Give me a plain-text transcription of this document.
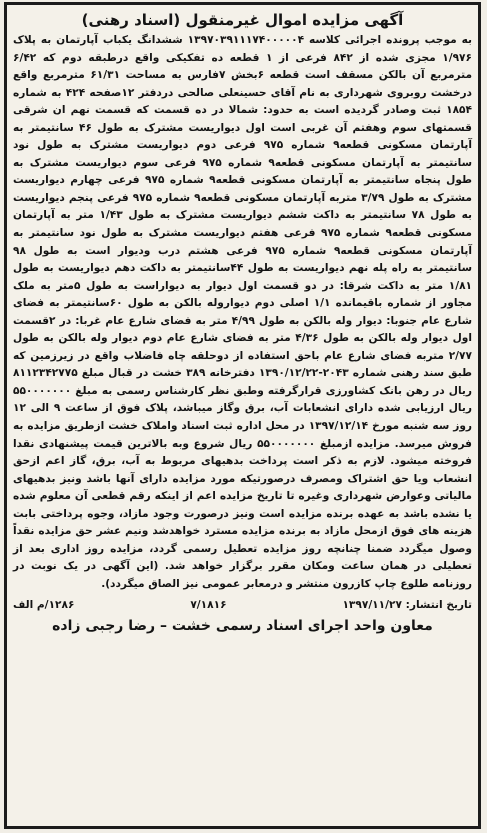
آگهی مزایده اموال غیرمنقول (اسناد رهنی)

به موجب پرونده اجرائی کلاسه ۱۳۹۷۰۳۹۱۱۱۷۴۰۰۰۰۰۴ ششدانگ یکباب آپارتمان به پلاک ۱/۹۷۶ مجزی شده از ۸۴۲ فرعی از ۱ قطعه ده تفکیکی واقع درطبقه دوم که ۶/۴۲ مترمربع آن بالکن مسقف است قطعه ۶بخش ۷فارس به مساحت ۶۱/۳۱ مترمربع واقع درخشت روبروی شهرداری به نام آقای حسینعلی صالحی دردفتر ۱۲صفحه ۴۲۴ به شماره ۱۸۵۴ ثبت وصادر گردیده است به حدود: شمالا در ده قسمت که قسمت نهم ان شرقی قسمتهای سوم وهفتم آن غربی است اول دیواریست مشترک به طول ۴۶ سانتیمتر به آپارتمان مسکونی قطعه۹ شماره ۹۷۵ فرعی دوم دیواریست مشترک به طول نود سانتیمتر به آپارتمان مسکونی قطعه۹ شماره ۹۷۵ فرعی سوم دیواریست مشترک به طول پنجاه سانتیمتر به آپارتمان مسکونی قطعه۹ شماره ۹۷۵ فرعی چهارم دیواریست مشترک به طول ۳/۷۹ متربه آپارتمان مسکونی قطعه۹ شماره ۹۷۵ فرعی پنجم دیواریست به طول ۷۸ سانتیمتر به داکت ششم دیواریست مشترک به طول ۱/۴۳ متر به آپارتمان مسکونی قطعه۹ شماره ۹۷۵ فرعی هفتم دیواریست مشترک به طول نود سانتیمتر به آپارتمان مسکونی قطعه۹ شماره ۹۷۵ فرعی هشتم درب ودیوار است به طول ۹۸ سانتیمتر به راه پله نهم دیواریست به طول ۴۴سانتیمتر به داکت دهم دیواریست به طول ۱/۸۱ متر به داکت شرقا: در دو قسمت اول دیوار به دیواراست به طول ۵متر به ملک مجاور از شماره باقیمانده ۱/۱ اصلی دوم دیواروله بالکن به طول ۶۰سانتیمتر به فضای شارع عام جنوبا: دیوار وله بالکن به طول ۴/۹۹ متر به فضای شارع عام غربا: در ۲قسمت اول دیوار وله بالکن به طول ۴/۳۶ متر به فضای شارع عام دوم دیوار وله بالکن به طول ۲/۷۷ متربه فضای شارع عام باحق استفاده از دوحلقه چاه فاضلاب واقع در زیرزمین که طبق سند رهنی شماره ۲۰۴۳-۱۳۹۰/۱۲/۲۲ دفترخانه ۳۸۹ خشت در قبال مبلغ ۸۱۱۲۳۴۲۷۷۵ ریال در رهن بانک کشاورزی قرارگرفته وطبق نظر کارشناس رسمی به مبلغ ۵۵۰۰۰۰۰۰۰ ریال ارزیابی شده دارای انشعابات آب، برق وگاز میباشد، پلاک فوق از ساعت ۹ الی ۱۲ روز سه شنبه مورخ ۱۳۹۷/۱۲/۱۴ در محل اداره ثبت اسناد واملاک خشت ازطریق مزایده به فروش میرسد. مزایده ازمبلغ ۵۵۰۰۰۰۰۰۰ ریال شروع وبه بالاترین قیمت پیشنهادی نقدا فروخته میشود. لازم به ذکر است پرداخت بدهیهای مربوط به آب، برق، گاز اعم ازحق انشعاب ویا حق اشتراک ومصرف درصورتیکه مورد مزایده دارای آنها باشد ونیز بدهیهای مالیاتی وعوارض شهرداری وغیره تا تاریخ مزایده اعم از اینکه رقم قطعی آن معلوم شده یا نشده باشد به عهده برنده مزایده است ونیز درصورت وجود مازاد، وجوه پرداختی بابت هزینه های فوق ازمحل مازاد به برنده مزایده مسترد خواهدشد ونیم عشر حق مزایده نقداً وصول میگردد ضمنا چنانچه روز مزایده تعطیل رسمی گردد، مزایده روز اداری بعد از تعطیلی در همان ساعت ومکان مقرر برگزار خواهد شد. (این آگهی در یک نوبت در روزنامه طلوع چاپ کازرون منتشر و درمعابر عمومی نیز الصاق میگردد).

تاریخ انتشار: ۱۳۹۷/۱۱/۲۷
۷/۱۸۱۶
۱۲۸۶/م الف
معاون واحد اجرای اسناد رسمی خشت – رضا رجبی زاده
